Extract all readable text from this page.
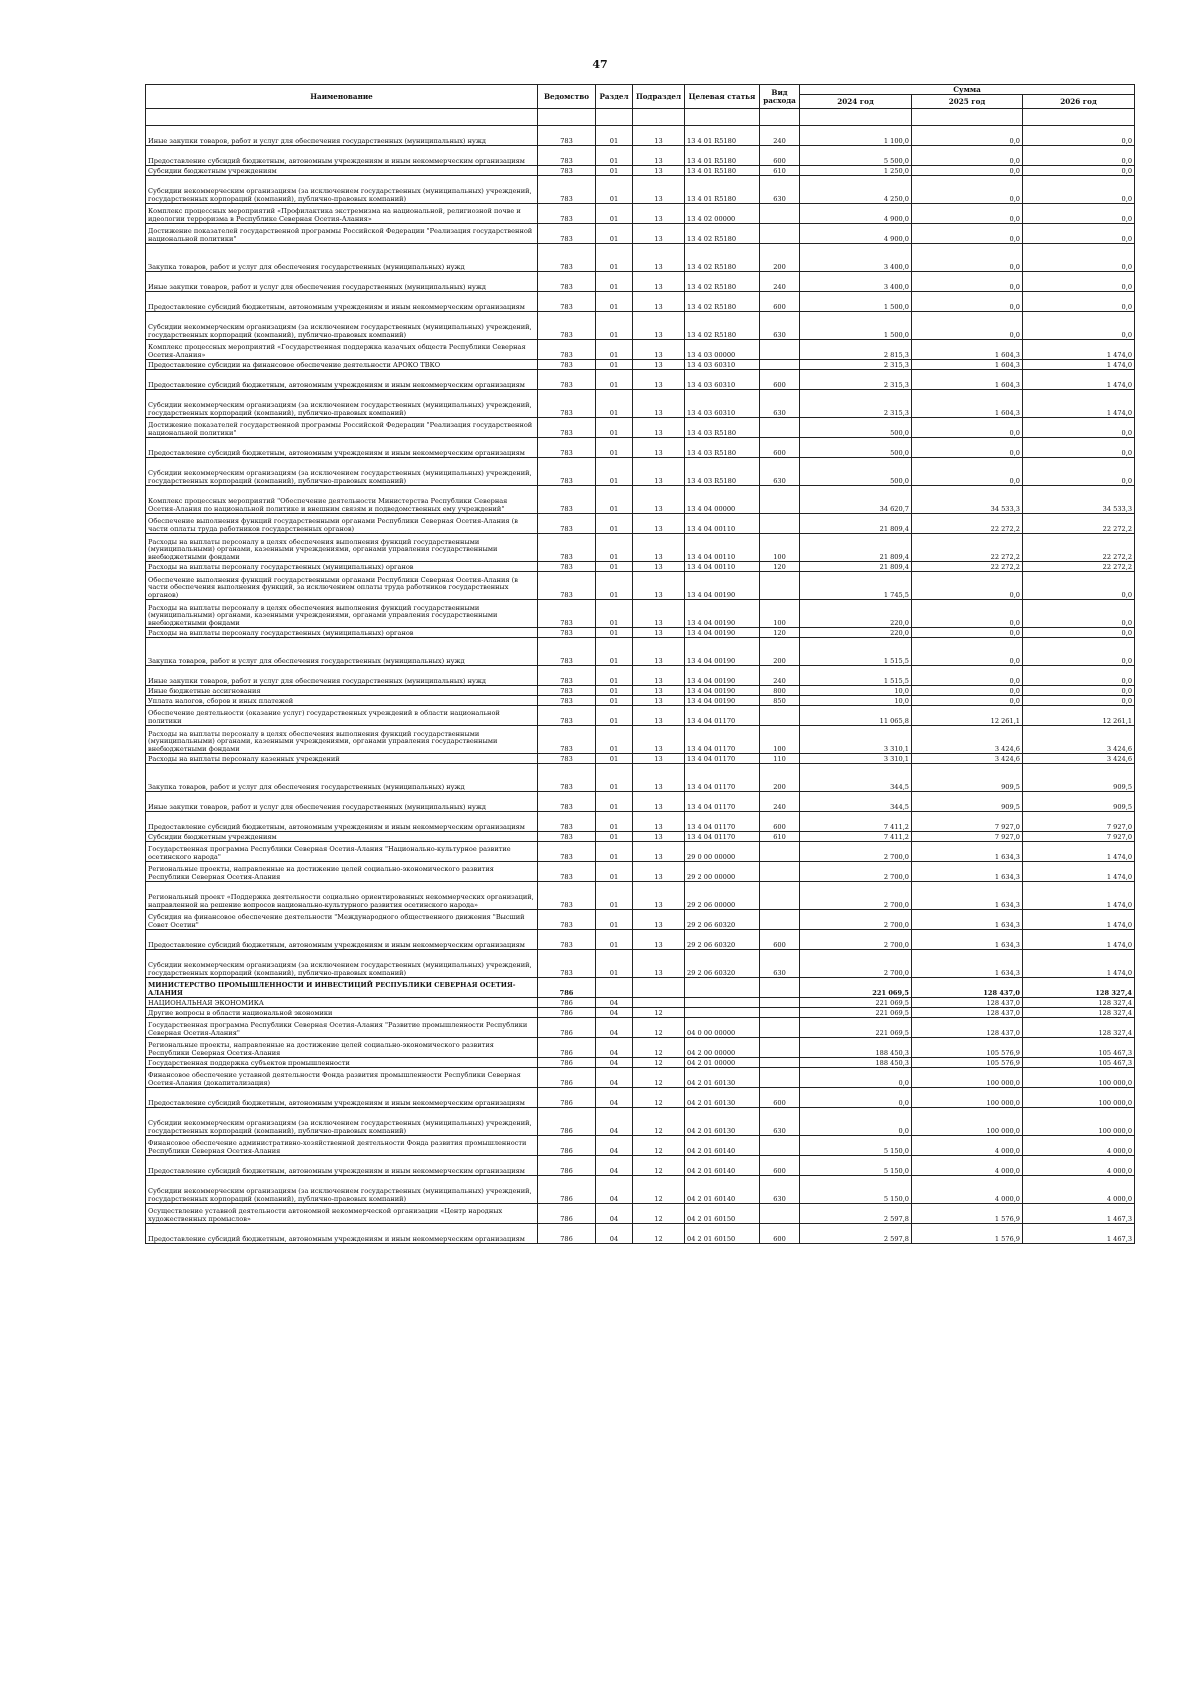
47
Наименование	Ведомство	Раздел	Подраздел	Целевая статья	Вид расхода	Сумма		
						2024 год	2025 год	2026 год

Иные закупки товаров, работ и услуг для обеспечения государственных (муниципальных) нужд	783	01	13	13 4 01 R5180	240	1 100,0	0,0	0,0
Предоставление субсидий бюджетным, автономным учреждениям и иным некоммерческим организациям	783	01	13	13 4 01 R5180	600	5 500,0	0,0	0,0
Субсидии бюджетным учреждениям	783	01	13	13 4 01 R5180	610	1 250,0	0,0	0,0
Субсидии некоммерческим организациям (за исключением государственных (муниципальных) учреждений, государственных корпораций (компаний), публично-правовых компаний)	783	01	13	13 4 01 R5180	630	4 250,0	0,0	0,0
Комплекс процессных мероприятий «Профилактика экстремизма на национальной, религиозной почве и идеологии терроризма в Республике Северная Осетия-Алания»	783	01	13	13 4 02 00000		4 900,0	0,0	0,0
Достижение показателей государственной программы Российской Федерации "Реализация государственной национальной политики"	783	01	13	13 4 02 R5180		4 900,0	0,0	0,0
Закупка товаров, работ и услуг для обеспечения государственных (муниципальных) нужд	783	01	13	13 4 02 R5180	200	3 400,0	0,0	0,0
Иные закупки товаров, работ и услуг для обеспечения государственных (муниципальных) нужд	783	01	13	13 4 02 R5180	240	3 400,0	0,0	0,0
Предоставление субсидий бюджетным, автономным учреждениям и иным некоммерческим организациям	783	01	13	13 4 02 R5180	600	1 500,0	0,0	0,0
Субсидии некоммерческим организациям (за исключением государственных (муниципальных) учреждений, государственных корпораций (компаний), публично-правовых компаний)	783	01	13	13 4 02 R5180	630	1 500,0	0,0	0,0
Комплекс процессных мероприятий «Государственная поддержка казачьих обществ Республики Северная Осетия-Алания»	783	01	13	13 4 03 00000		2 815,3	1 604,3	1 474,0
Предоставление субсидии на финансовое обеспечение деятельности АРОКО ТВКО	783	01	13	13 4 03 60310		2 315,3	1 604,3	1 474,0
Предоставление субсидий бюджетным, автономным учреждениям и иным некоммерческим организациям	783	01	13	13 4 03 60310	600	2 315,3	1 604,3	1 474,0
Субсидии некоммерческим организациям (за исключением государственных (муниципальных) учреждений, государственных корпораций (компаний), публично-правовых компаний)	783	01	13	13 4 03 60310	630	2 315,3	1 604,3	1 474,0
Достижение показателей государственной программы Российской Федерации "Реализация государственной национальной политики"	783	01	13	13 4 03 R5180		500,0	0,0	0,0
Предоставление субсидий бюджетным, автономным учреждениям и иным некоммерческим организациям	783	01	13	13 4 03 R5180	600	500,0	0,0	0,0
Субсидии некоммерческим организациям (за исключением государственных (муниципальных) учреждений, государственных корпораций (компаний), публично-правовых компаний)	783	01	13	13 4 03 R5180	630	500,0	0,0	0,0
Комплекс процессных мероприятий "Обеспечение деятельности Министерства Республики Северная Осетия-Алания по национальной политике и внешним связям и подведомственных ему учреждений"	783	01	13	13 4 04 00000		34 620,7	34 533,3	34 533,3
Обеспечение выполнения функций государственными органами Республики Северная Осетия-Алания (в части оплаты труда работников государственных органов)	783	01	13	13 4 04 00110		21 809,4	22 272,2	22 272,2
Расходы на выплаты персоналу в целях обеспечения выполнения функций государственными (муниципальными) органами, казенными учреждениями, органами управления государственными внебюджетными фондами	783	01	13	13 4 04 00110	100	21 809,4	22 272,2	22 272,2
Расходы на выплаты персоналу государственных (муниципальных) органов	783	01	13	13 4 04 00110	120	21 809,4	22 272,2	22 272,2
Обеспечение выполнения функций государственными органами Республики Северная Осетия-Алания (в части обеспечения выполнения функций, за исключением оплаты труда работников государственных органов)	783	01	13	13 4 04 00190		1 745,5	0,0	0,0
Расходы на выплаты персоналу в целях обеспечения выполнения функций государственными (муниципальными) органами, казенными учреждениями, органами управления государственными внебюджетными фондами	783	01	13	13 4 04 00190	100	220,0	0,0	0,0
Расходы на выплаты персоналу государственных (муниципальных) органов	783	01	13	13 4 04 00190	120	220,0	0,0	0,0
Закупка товаров, работ и услуг для обеспечения государственных (муниципальных) нужд	783	01	13	13 4 04 00190	200	1 515,5	0,0	0,0
Иные закупки товаров, работ и услуг для обеспечения государственных (муниципальных) нужд	783	01	13	13 4 04 00190	240	1 515,5	0,0	0,0
Иные бюджетные ассигнования	783	01	13	13 4 04 00190	800	10,0	0,0	0,0
Уплата налогов, сборов и иных платежей	783	01	13	13 4 04 00190	850	10,0	0,0	0,0
Обеспечение деятельности (оказание услуг) государственных учреждений в области национальной политики	783	01	13	13 4 04 01170		11 065,8	12 261,1	12 261,1
Расходы на выплаты персоналу в целях обеспечения выполнения функций государственными (муниципальными) органами, казенными учреждениями, органами управления государственными внебюджетными фондами	783	01	13	13 4 04 01170	100	3 310,1	3 424,6	3 424,6
Расходы на выплаты персоналу казенных учреждений	783	01	13	13 4 04 01170	110	3 310,1	3 424,6	3 424,6
Закупка товаров, работ и услуг для обеспечения государственных (муниципальных) нужд	783	01	13	13 4 04 01170	200	344,5	909,5	909,5
Иные закупки товаров, работ и услуг для обеспечения государственных (муниципальных) нужд	783	01	13	13 4 04 01170	240	344,5	909,5	909,5
Предоставление субсидий бюджетным, автономным учреждениям и иным некоммерческим организациям	783	01	13	13 4 04 01170	600	7 411,2	7 927,0	7 927,0
Субсидии бюджетным учреждениям	783	01	13	13 4 04 01170	610	7 411,2	7 927,0	7 927,0
Государственная программа Республики Северная Осетия-Алания "Национально-культурное развитие осетинского народа"	783	01	13	29 0 00 00000		2 700,0	1 634,3	1 474,0
Региональные проекты, направленные на достижение целей социально-экономического развития Республики Северная Осетия-Алания	783	01	13	29 2 00 00000		2 700,0	1 634,3	1 474,0
Региональный проект «Поддержка деятельности социально ориентированных некоммерческих организаций, направленной на решение вопросов национально-культурного развития осетинского народа»	783	01	13	29 2 06 00000		2 700,0	1 634,3	1 474,0
Субсидия на финансовое обеспечение деятельности "Международного общественного движения "Высший Совет Осетин"	783	01	13	29 2 06 60320		2 700,0	1 634,3	1 474,0
Предоставление субсидий бюджетным, автономным учреждениям и иным некоммерческим организациям	783	01	13	29 2 06 60320	600	2 700,0	1 634,3	1 474,0
Субсидии некоммерческим организациям (за исключением государственных (муниципальных) учреждений, государственных корпораций (компаний), публично-правовых компаний)	783	01	13	29 2 06 60320	630	2 700,0	1 634,3	1 474,0
МИНИСТЕРСТВО ПРОМЫШЛЕННОСТИ И ИНВЕСТИЦИЙ РЕСПУБЛИКИ СЕВЕРНАЯ ОСЕТИЯ-АЛАНИЯ	786					221 069,5	128 437,0	128 327,4
НАЦИОНАЛЬНАЯ ЭКОНОМИКА	786	04				221 069,5	128 437,0	128 327,4
Другие вопросы в области национальной экономики	786	04	12			221 069,5	128 437,0	128 327,4
Государственная программа Республики Северная Осетия-Алания "Развитие промышленности Республики Северная Осетия-Алания"	786	04	12	04 0 00 00000		221 069,5	128 437,0	128 327,4
Региональные проекты, направленные на достижение целей социально-экономического развития Республики Северная Осетия-Алания	786	04	12	04 2 00 00000		188 450,3	105 576,9	105 467,3
Государственная поддержка субъектов промышленности	786	04	12	04 2 01 00000		188 450,3	105 576,9	105 467,3
Финансовое обеспечение уставной деятельности Фонда развития промышленности Республики Северная Осетия-Алания (докапитализация)	786	04	12	04 2 01 60130		0,0	100 000,0	100 000,0
Предоставление субсидий бюджетным, автономным учреждениям и иным некоммерческим организациям	786	04	12	04 2 01 60130	600	0,0	100 000,0	100 000,0
Субсидии некоммерческим организациям (за исключением государственных (муниципальных) учреждений, государственных корпораций (компаний), публично-правовых компаний)	786	04	12	04 2 01 60130	630	0,0	100 000,0	100 000,0
Финансовое обеспечение административно-хозяйственной деятельности Фонда развития промышленности Республики Северная Осетия-Алания	786	04	12	04 2 01 60140		5 150,0	4 000,0	4 000,0
Предоставление субсидий бюджетным, автономным учреждениям и иным некоммерческим организациям	786	04	12	04 2 01 60140	600	5 150,0	4 000,0	4 000,0
Субсидии некоммерческим организациям (за исключением государственных (муниципальных) учреждений, государственных корпораций (компаний), публично-правовых компаний)	786	04	12	04 2 01 60140	630	5 150,0	4 000,0	4 000,0
Осуществление уставной деятельности автономной некоммерческой организации «Центр народных художественных промыслов»	786	04	12	04 2 01 60150		2 597,8	1 576,9	1 467,3
Предоставление субсидий бюджетным, автономным учреждениям и иным некоммерческим организациям	786	04	12	04 2 01 60150	600	2 597,8	1 576,9	1 467,3
